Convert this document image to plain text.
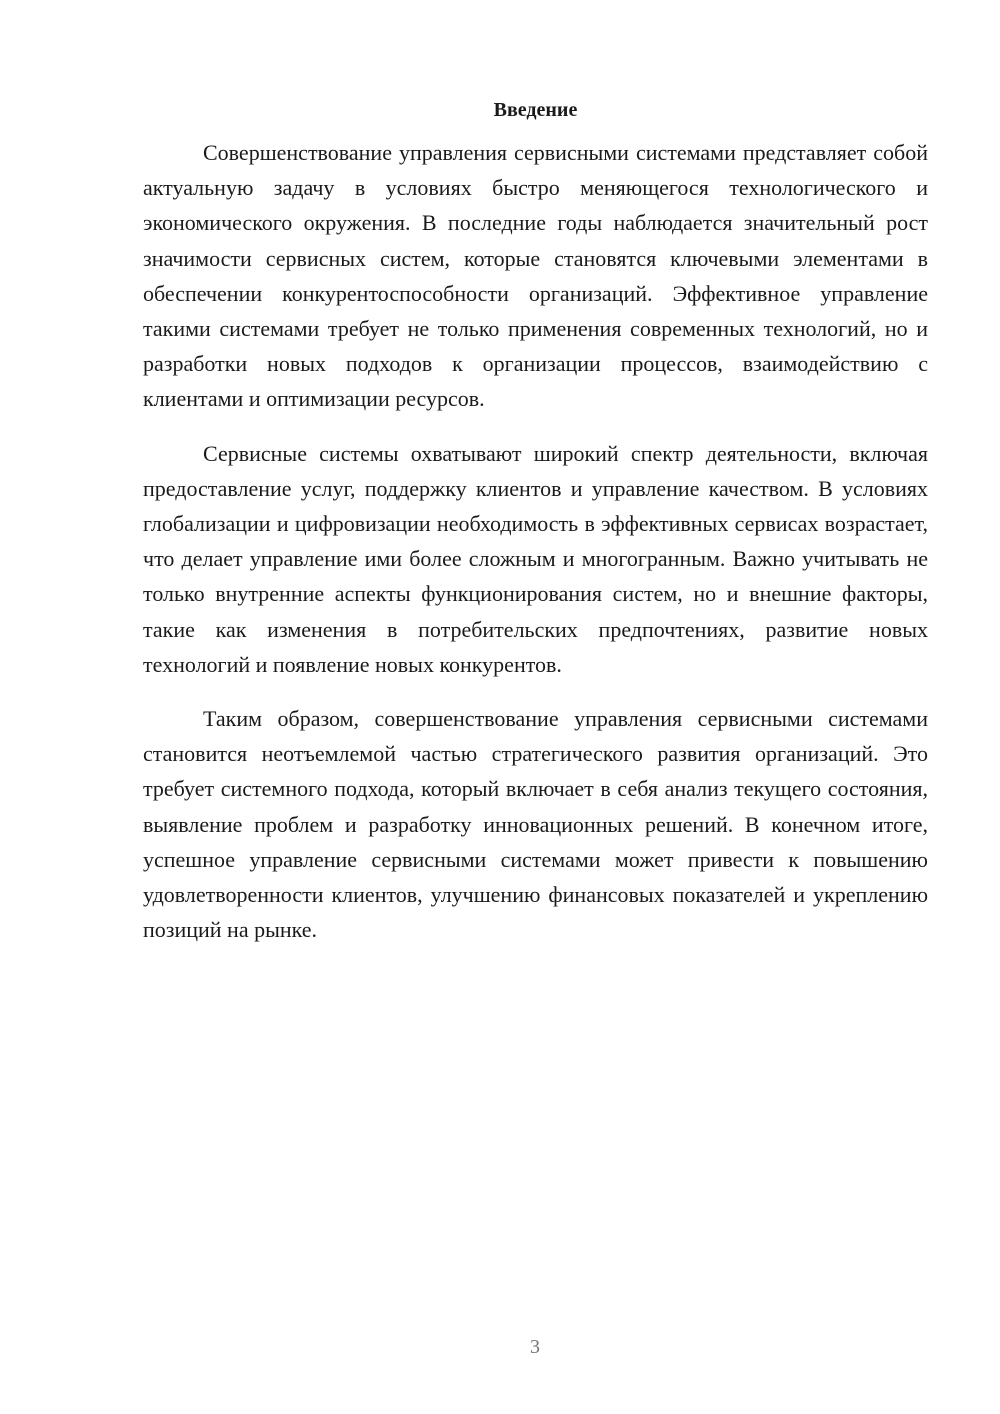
Введение

Совершенствование управления сервисными системами представляет собой актуальную задачу в условиях быстро меняющегося технологического и экономического окружения. В последние годы наблюдается значительный рост значимости сервисных систем, которые становятся ключевыми элементами в обеспечении конкурентоспособности организаций. Эффективное управление такими системами требует не только применения современных технологий, но и разработки новых подходов к организации процессов, взаимодействию с клиентами и оптимизации ресурсов.

Сервисные системы охватывают широкий спектр деятельности, включая предоставление услуг, поддержку клиентов и управление качеством. В условиях глобализации и цифровизации необходимость в эффективных сервисах возрастает, что делает управление ими более сложным и многогранным. Важно учитывать не только внутренние аспекты функционирования систем, но и внешние факторы, такие как изменения в потребительских предпочтениях, развитие новых технологий и появление новых конкурентов.

Таким образом, совершенствование управления сервисными системами становится неотъемлемой частью стратегического развития организаций. Это требует системного подхода, который включает в себя анализ текущего состояния, выявление проблем и разработку инновационных решений. В конечном итоге, успешное управление сервисными системами может привести к повышению удовлетворенности клиентов, улучшению финансовых показателей и укреплению позиций на рынке.

3
